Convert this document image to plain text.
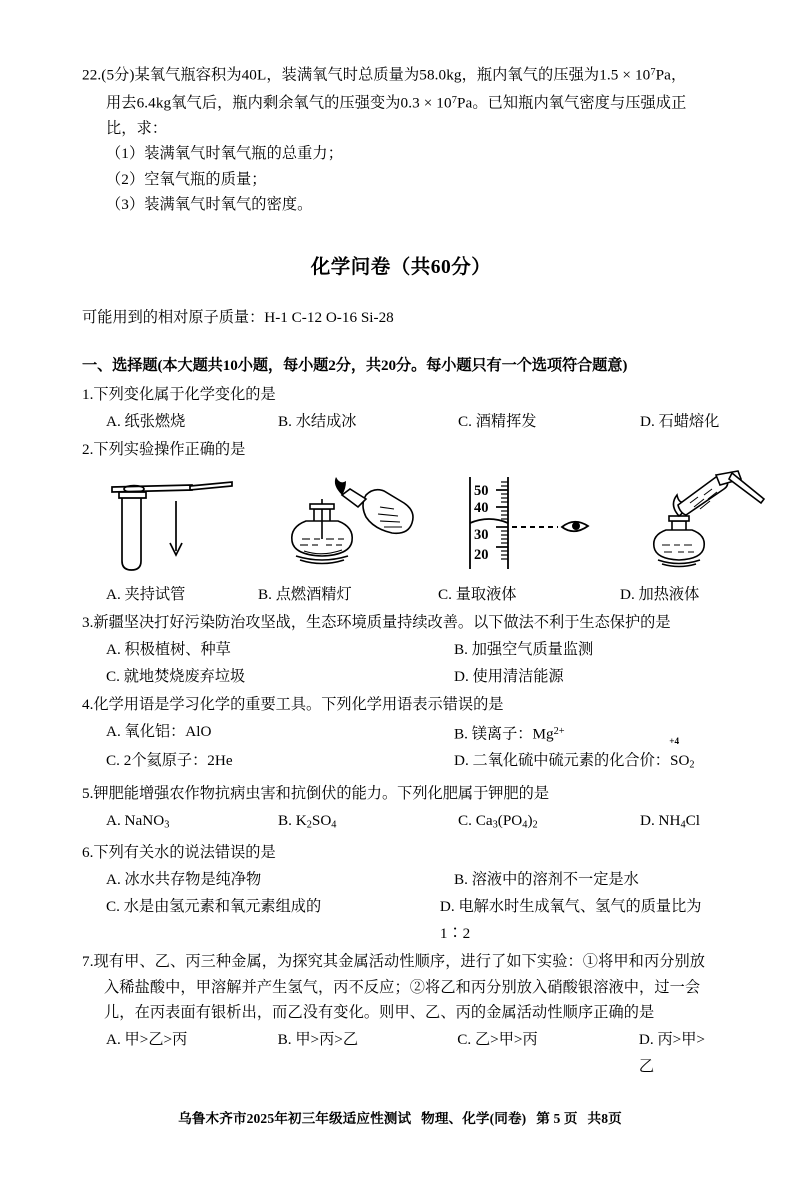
22.(5分)某氧气瓶容积为40L，装满氧气时总质量为58.0kg，瓶内氧气的压强为$1.5 \times 10^7Pa$，
用去6.4kg氧气后，瓶内剩余氧气的压强变为$0.3 \times 10^7Pa$。已知瓶内氧气密度与压强成正
比，求：
（1）装满氧气时氧气瓶的总重力；
（2）空氧气瓶的质量；
（3）装满氧气时氧气的密度。
化学问卷（共60分）
可能用到的相对原子质量：H-1 C-12 O-16 Si-28
一、选择题(本大题共10小题，每小题2分，共20分。每小题只有一个选项符合题意)
1.下列变化属于化学变化的是
A. 纸张燃烧	B. 水结成冰	C. 酒精挥发	D. 石蜡熔化
2.下列实验操作正确的是
50
40
30
20
A. 夹持试管	B. 点燃酒精灯	C. 量取液体	D. 加热液体
3.新疆坚决打好污染防治攻坚战，生态环境质量持续改善。以下做法不利于生态保护的是
A. 积极植树、种草	B. 加强空气质量监测
C. 就地焚烧废弃垃圾	D. 使用清洁能源
4.化学用语是学习化学的重要工具。下列化学用语表示错误的是
A. 氧化铝：AlO	B. 镁离子：$Mg^{2+}$
C. 2个氦原子：2He	D. 二氧化硫中硫元素的化合价：
+4
$SO_2$
5.钾肥能增强农作物抗病虫害和抗倒伏的能力。下列化肥属于钾肥的是
A. NaNO$_3$	B. $K_2SO_4$	C. $Ca_3(PO_4)_2$	D. $NH_4Cl$
6.下列有关水的说法错误的是
A. 冰水共存物是纯净物	B. 溶液中的溶剂不一定是水
C. 水是由氢元素和氧元素组成的	D. 电解水时生成氧气、氢气的质量比为1∶2
7.现有甲、乙、丙三种金属，为探究其金属活动性顺序，进行了如下实验：①将甲和丙分别放
入稀盐酸中，甲溶解并产生氢气，丙不反应；②将乙和丙分别放入硝酸银溶液中，过一会
儿，在丙表面有银析出，而乙没有变化。则甲、乙、丙的金属活动性顺序正确的是
A. 甲>乙>丙	B. 甲>丙>乙	C. 乙>甲>丙	D. 丙>甲>乙
乌鲁木齐市2025年初三年级适应性测试 物理、化学(同卷) 第 5 页 共8页
